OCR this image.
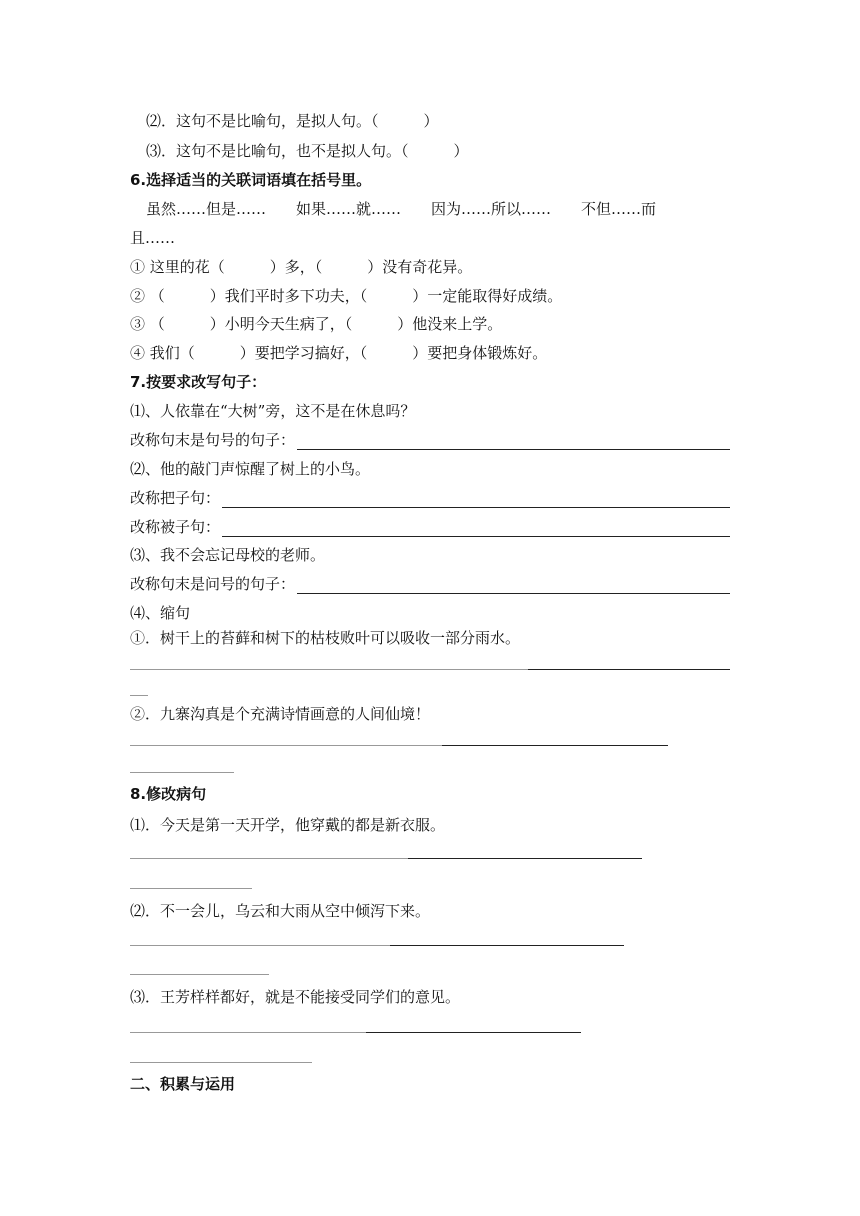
⑵．这句不是比喻句，是拟人句。（　　　）
⑶．这句不是比喻句，也不是拟人句。（　　　）
6.选择适当的关联词语填在括号里。
虽然……但是……　　如果……就……　　因为……所以……　　不但……而
且……
① 这里的花（　　　）多，（　　　）没有奇花异。
② （　　　）我们平时多下功夫，（　　　）一定能取得好成绩。
③ （　　　）小明今天生病了，（　　　）他没来上学。
④ 我们（　　　）要把学习搞好，（　　　）要把身体锻炼好。
7.按要求改写句子：
⑴、人依靠在“大树”旁，这不是在休息吗？
改称句末是句号的句子：
⑵、他的敲门声惊醒了树上的小鸟。
改称把子句：
改称被子句：
⑶、我不会忘记母校的老师。
改称句末是问号的句子：
⑷、缩句
①．树干上的苔藓和树下的枯枝败叶可以吸收一部分雨水。
②．九寨沟真是个充满诗情画意的人间仙境！
8.修改病句
⑴．今天是第一天开学，他穿戴的都是新衣服。
⑵．不一会儿，乌云和大雨从空中倾泻下来。
⑶．王芳样样都好，就是不能接受同学们的意见。
二、积累与运用
